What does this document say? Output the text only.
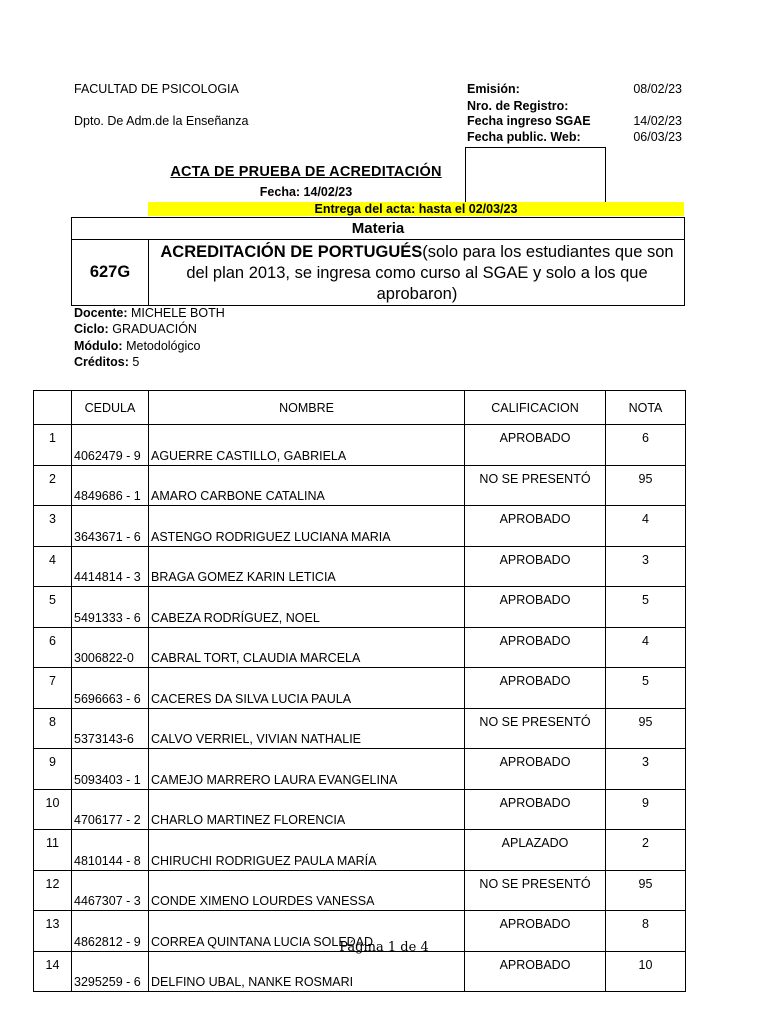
FACULTAD DE PSICOLOGIA
Dpto. De Adm.de la Enseñanza
Emisión:	08/02/23
Nro. de Registro:
Fecha ingreso SGAE	14/02/23
Fecha public. Web:	06/03/23
ACTA DE PRUEBA DE ACREDITACIÓN
Fecha: 14/02/23
Entrega del acta: hasta el 02/03/23
Materia
627G
ACREDITACIÓN DE PORTUGUÉS(solo para los estudiantes que son del plan 2013, se ingresa como curso al SGAE y solo a los que aprobaron)
Docente: MICHELE BOTH
Ciclo: GRADUACIÓN
Módulo: Metodológico
Créditos: 5
	CEDULA	NOMBRE	CALIFICACION	NOTA
1	4062479 - 9	AGUERRE CASTILLO, GABRIELA	APROBADO	6
2	4849686 - 1	AMARO CARBONE CATALINA	NO SE PRESENTÓ	95
3	3643671 - 6	ASTENGO RODRIGUEZ LUCIANA MARIA	APROBADO	4
4	4414814 - 3	BRAGA GOMEZ KARIN LETICIA	APROBADO	3
5	5491333 - 6	CABEZA RODRÍGUEZ, NOEL	APROBADO	5
6	3006822-0	CABRAL TORT, CLAUDIA MARCELA	APROBADO	4
7	5696663 - 6	CACERES DA SILVA LUCIA PAULA	APROBADO	5
8	5373143-6	CALVO VERRIEL, VIVIAN NATHALIE	NO SE PRESENTÓ	95
9	5093403 - 1	CAMEJO MARRERO LAURA EVANGELINA	APROBADO	3
10	4706177 - 2	CHARLO MARTINEZ FLORENCIA	APROBADO	9
11	4810144 - 8	CHIRUCHI RODRIGUEZ PAULA MARÍA	APLAZADO	2
12	4467307 - 3	CONDE XIMENO LOURDES VANESSA	NO SE PRESENTÓ	95
13	4862812 - 9	CORREA QUINTANA LUCIA SOLEDAD	APROBADO	8
14	3295259 - 6	DELFINO UBAL, NANKE ROSMARI	APROBADO	10
Página 1 de 4
